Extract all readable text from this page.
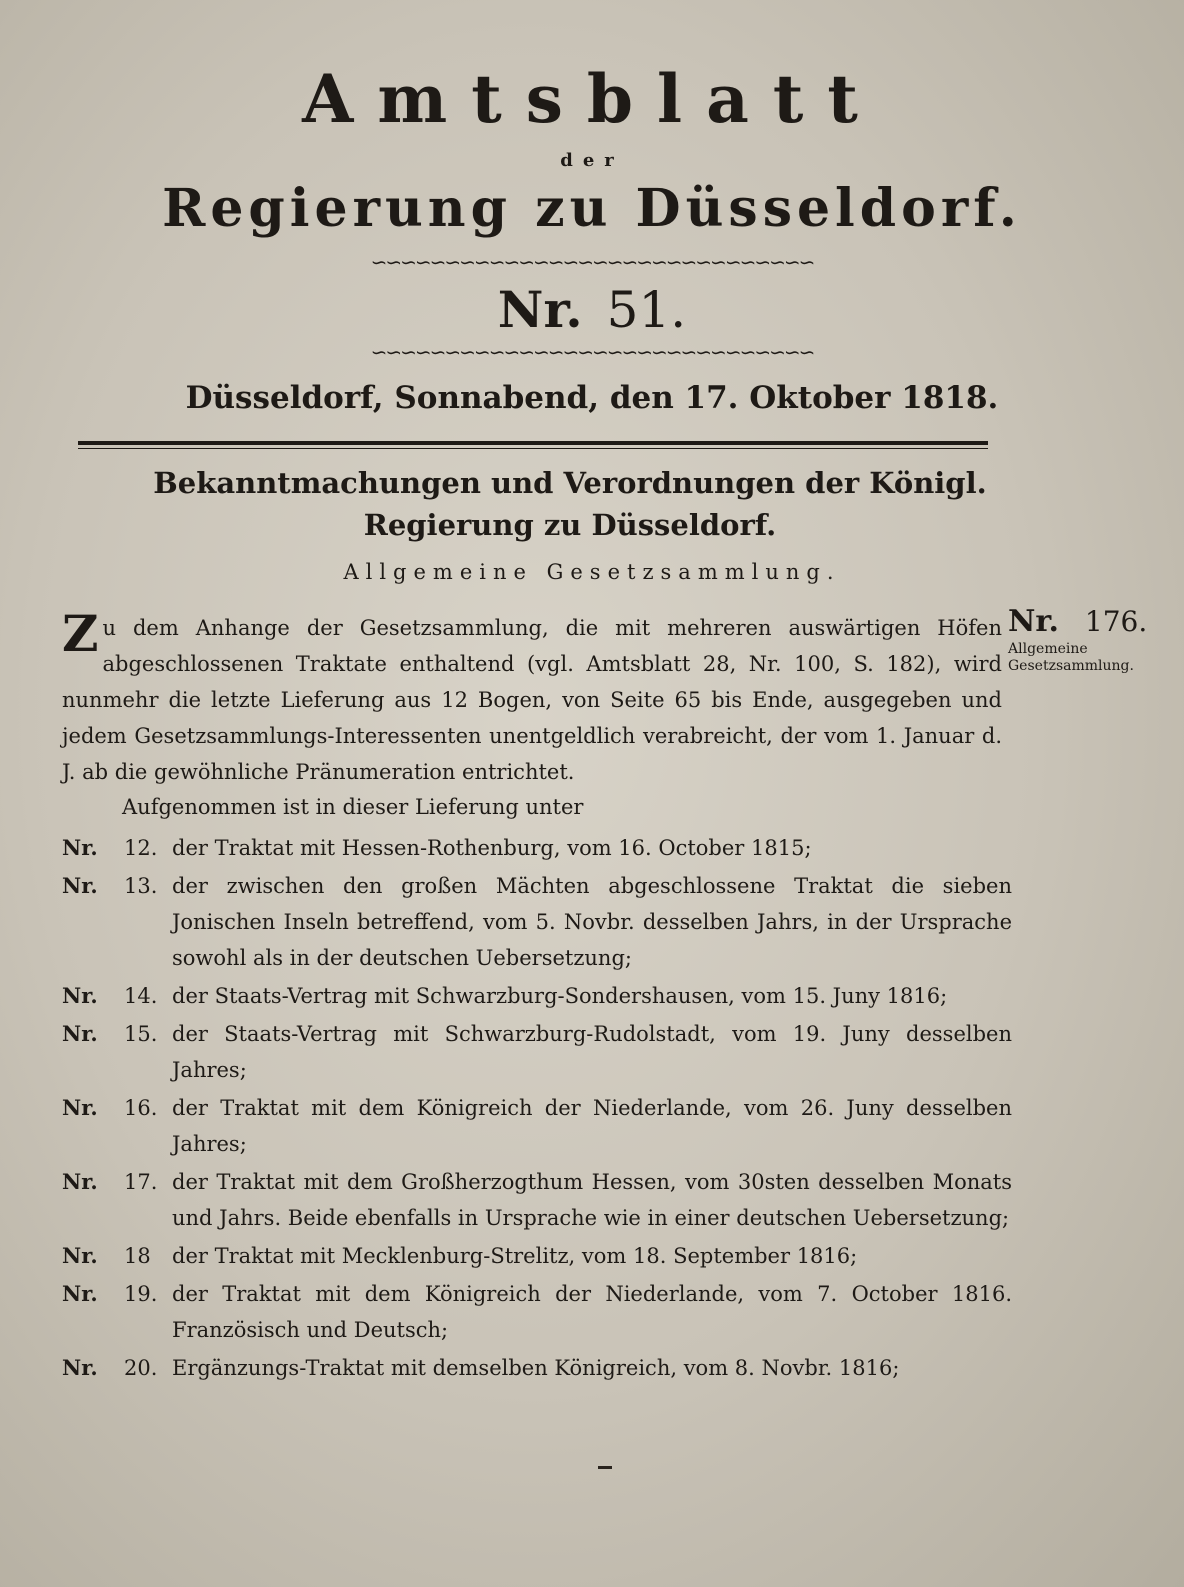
Amtsblatt
der
Regierung zu Düsseldorf.
∽∽∽∽∽∽∽∽∽∽∽∽∽∽∽∽∽∽∽∽∽∽∽∽∽∽∽∽∽∽
Nr. 51.
∽∽∽∽∽∽∽∽∽∽∽∽∽∽∽∽∽∽∽∽∽∽∽∽∽∽∽∽∽∽
Düsseldorf, Sonnabend, den 17. Oktober 1818.
Bekanntmachungen und Verordnungen der Königl. Regierung zu Düsseldorf.
Allgemeine Gesetzsammlung.
Nr. 176.
Allgemeine Gesetzsammlung.
Zu dem Anhange der Gesetzsammlung, die mit mehreren auswärtigen Höfen abgeschlossenen Traktate enthaltend (vgl. Amtsblatt 28, Nr. 100, S. 182), wird nunmehr die letzte Lieferung aus 12 Bogen, von Seite 65 bis Ende, ausgegeben und jedem Gesetzsammlungs-Interessenten unentgeldlich verabreicht, der vom 1. Januar d. J. ab die gewöhnliche Pränumeration entrichtet.
Aufgenommen ist in dieser Lieferung unter
Nr.	12. der Traktat mit Hessen-Rothenburg, vom 16. October 1815;
Nr.	13. der zwischen den großen Mächten abgeschlossene Traktat die sieben Jonischen Inseln betreffend, vom 5. Novbr. desselben Jahrs, in der Ursprache sowohl als in der deutschen Uebersetzung;
Nr.	14. der Staats-Vertrag mit Schwarzburg-Sondershausen, vom 15. Juny 1816;
Nr.	15. der Staats-Vertrag mit Schwarzburg-Rudolstadt, vom 19. Juny desselben Jahres;
Nr.	16. der Traktat mit dem Königreich der Niederlande, vom 26. Juny desselben Jahres;
Nr.	17. der Traktat mit dem Großherzogthum Hessen, vom 30sten desselben Monats und Jahrs. Beide ebenfalls in Ursprache wie in einer deutschen Uebersetzung;
Nr.	18	der Traktat mit Mecklenburg-Strelitz, vom 18. September 1816;
Nr.	19. der Traktat mit dem Königreich der Niederlande, vom 7. October 1816. Französisch und Deutsch;
Nr.	20. Ergänzungs-Traktat mit demselben Königreich, vom 8. Novbr. 1816;
